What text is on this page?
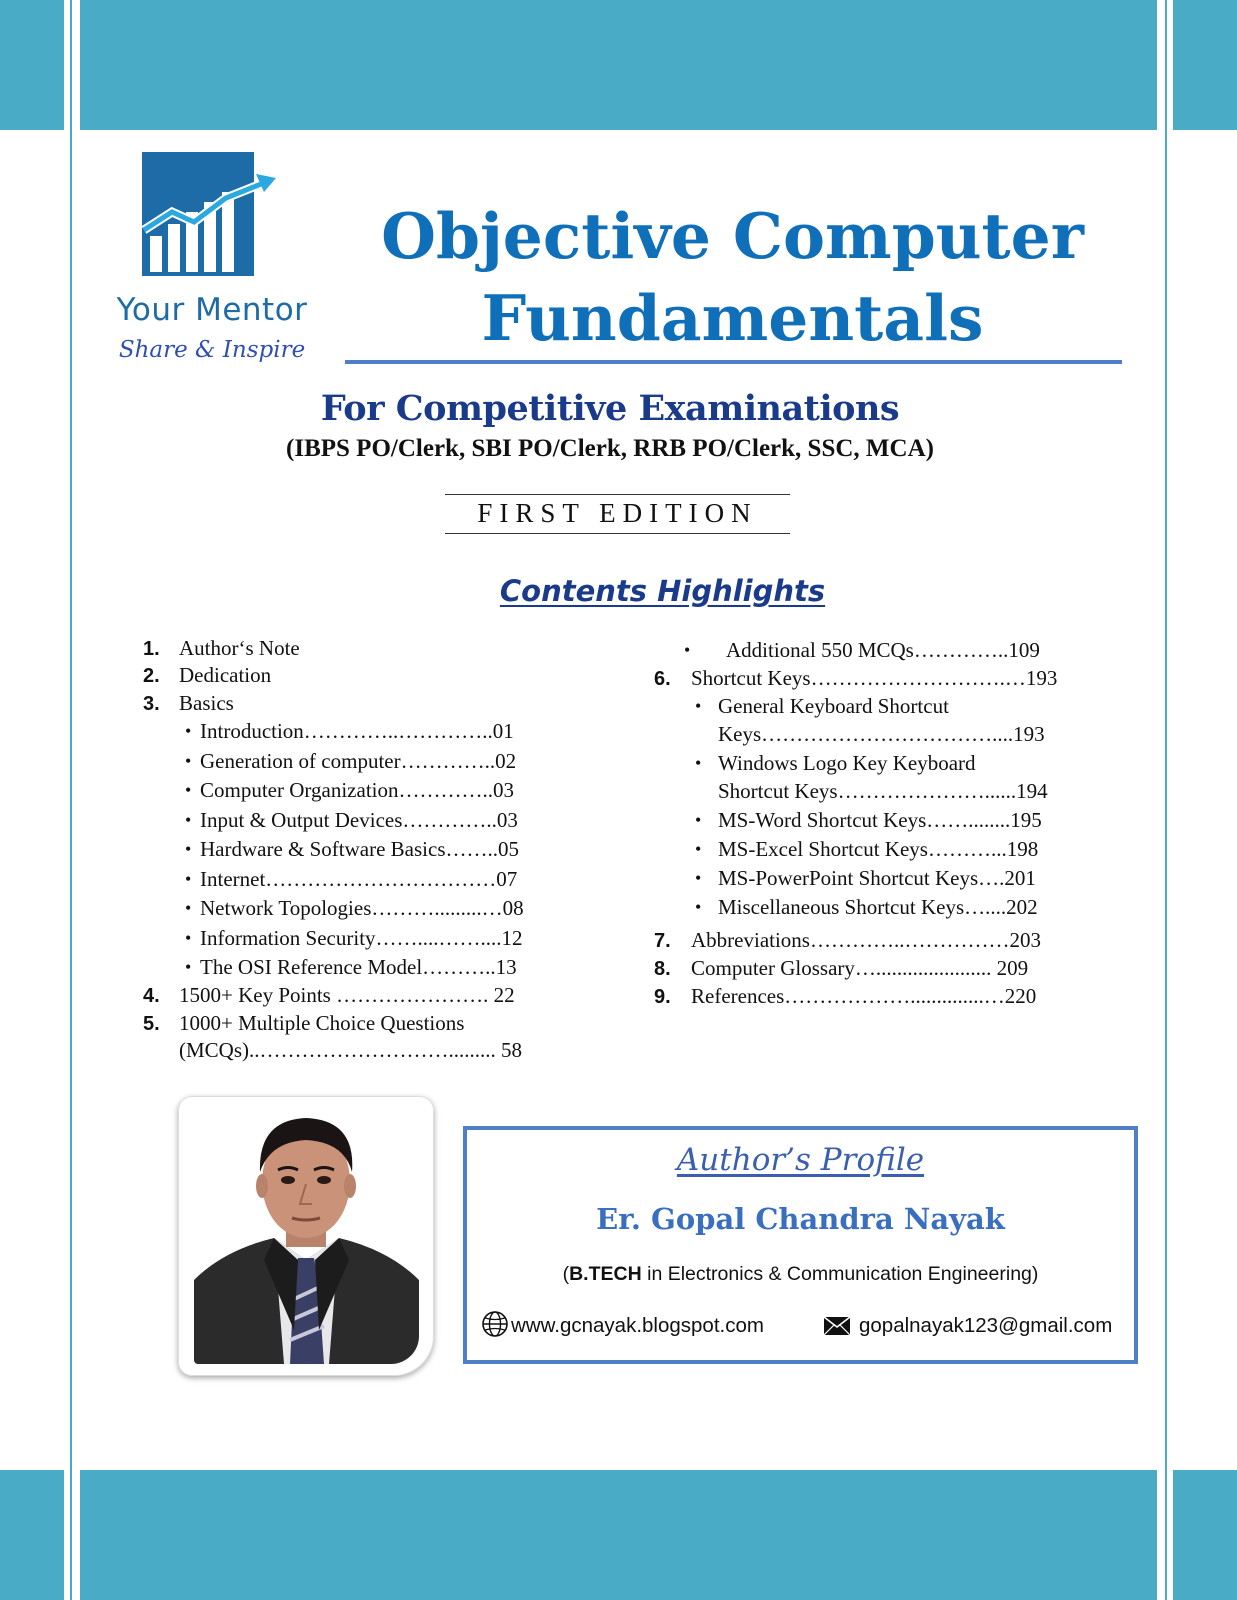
Your Mentor
Share & Inspire
Objective Computer
Fundamentals
For Competitive Examinations
(IBPS PO/Clerk, SBI PO/Clerk, RRB PO/Clerk, SSC, MCA)
FIRST EDITION
Contents Highlights
1. Author‘s Note
2. Dedication
3. Basics
• Introduction…………..…………..01
• Generation of computer…………..02
• Computer Organization…………..03
• Input & Output Devices…………..03
• Hardware & Software Basics……..05
• Internet……………………………07
• Network Topologies……….........…08
• Information Security……....……....12
• The OSI Reference Model………..13
4. 1500+ Key Points …………………. 22
5. 1000+ Multiple Choice Questions
(MCQs)..………………………......... 58
• Additional 550 MCQs…………..109
6. Shortcut Keys……………………….…193
• General Keyboard Shortcut
Keys……………………………....193
• Windows Logo Key Keyboard
Shortcut Keys…………………......194
• MS-Word Shortcut Keys……........195
• MS-Excel Shortcut Keys………...198
• MS-PowerPoint Shortcut Keys….201
• Miscellaneous Shortcut Keys…....202
7. Abbreviations…………..……………203
8. Computer Glossary…...................... 209
9. References………………..............…220
Author’s Profile
Er. Gopal Chandra Nayak
(B.TECH in Electronics & Communication Engineering)
www.gcnayak.blogspot.com	gopalnayak123@gmail.com
